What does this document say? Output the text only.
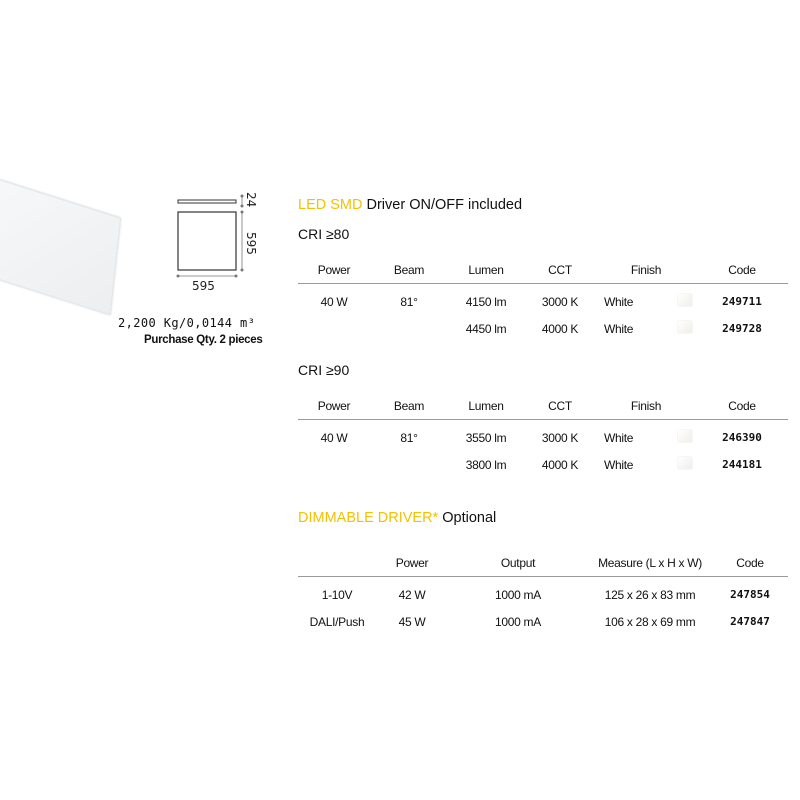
24
595
595
2,200 Kg/0,0144 m³
Purchase Qty. 2 pieces
LED SMD Driver ON/OFF included
CRI ≥80
Power	Beam	Lumen	CCT	Finish	Code
40 W	81°	4150 lm	3000 K	White	249711
		4450 lm	4000 K	White	249728
CRI ≥90
Power	Beam	Lumen	CCT	Finish	Code
40 W	81°	3550 lm	3000 K	White	246390
		3800 lm	4000 K	White	244181
DIMMABLE DRIVER* Optional
	Power	Output	Measure (L x H x W)	Code
1-10V	42 W	1000 mA	125 x 26 x 83 mm	247854
DALI/Push	45 W	1000 mA	106 x 28 x 69 mm	247847
